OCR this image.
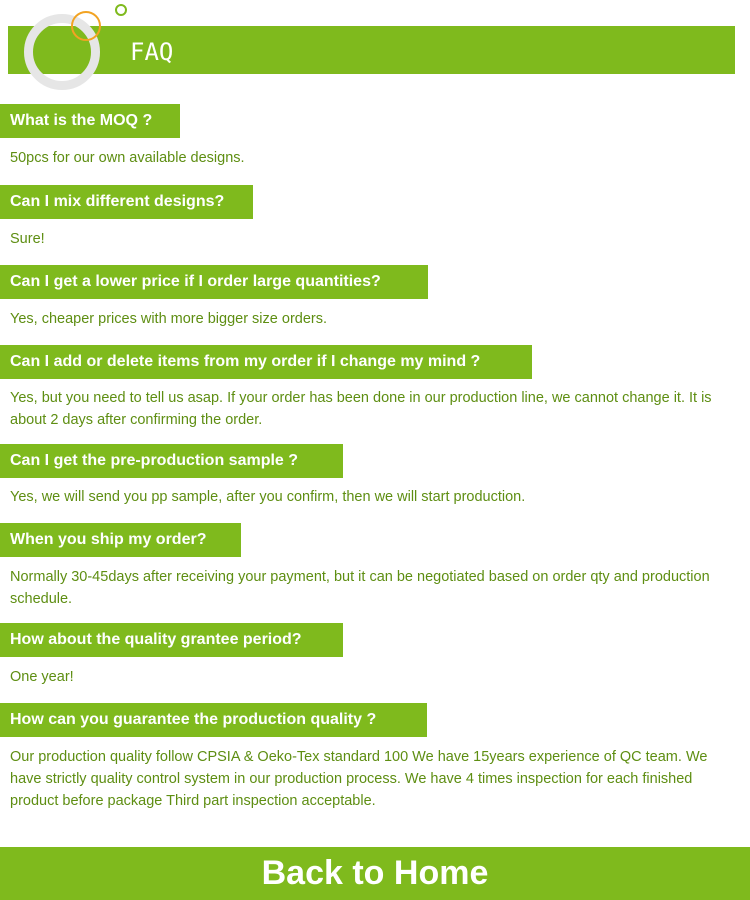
FAQ
What is the MOQ ?
50pcs for our own available designs.
Can I mix different designs?
Sure!
Can I get a lower price if I order large quantities?
Yes, cheaper prices with more bigger size orders.
Can I add or delete items from my order if I change my mind ?
Yes, but you need to tell us asap. If your order has been done in our production line, we cannot change it. It is about 2 days after confirming the order.
Can I get the pre-production sample ?
Yes, we will send you pp sample, after you confirm, then we will start production.
When you ship my order?
Normally 30-45days after receiving your payment, but it can be negotiated based on order qty and production schedule.
How about the quality grantee period?
One year!
How can you guarantee the production quality ?
Our production quality follow CPSIA & Oeko-Tex standard 100 We have 15years experience of QC team. We have strictly quality control system in our production process. We have 4 times inspection for each finished product before package Third part inspection acceptable.
Back to Home
